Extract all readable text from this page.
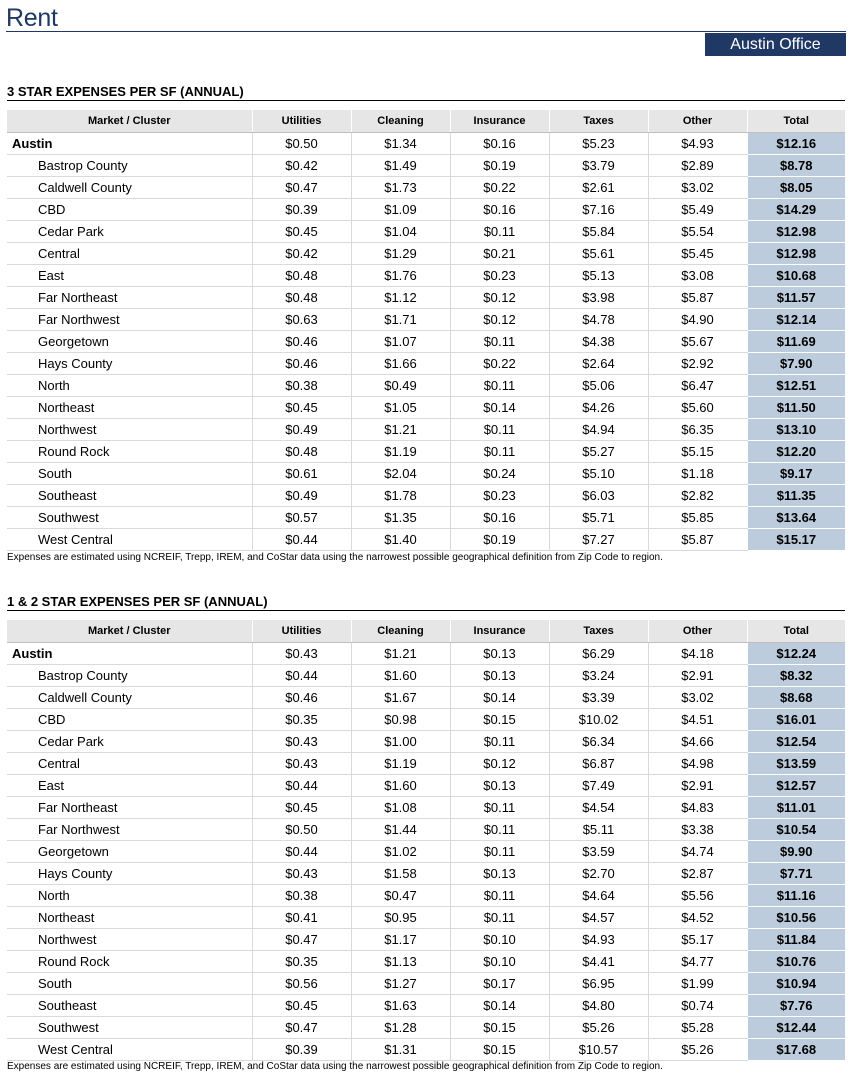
Rent
Austin Office
3 STAR EXPENSES PER SF (ANNUAL)
Market / Cluster	Utilities	Cleaning	Insurance	Taxes	Other	Total
Austin	$0.50	$1.34	$0.16	$5.23	$4.93	$12.16
Bastrop County	$0.42	$1.49	$0.19	$3.79	$2.89	$8.78
Caldwell County	$0.47	$1.73	$0.22	$2.61	$3.02	$8.05
CBD	$0.39	$1.09	$0.16	$7.16	$5.49	$14.29
Cedar Park	$0.45	$1.04	$0.11	$5.84	$5.54	$12.98
Central	$0.42	$1.29	$0.21	$5.61	$5.45	$12.98
East	$0.48	$1.76	$0.23	$5.13	$3.08	$10.68
Far Northeast	$0.48	$1.12	$0.12	$3.98	$5.87	$11.57
Far Northwest	$0.63	$1.71	$0.12	$4.78	$4.90	$12.14
Georgetown	$0.46	$1.07	$0.11	$4.38	$5.67	$11.69
Hays County	$0.46	$1.66	$0.22	$2.64	$2.92	$7.90
North	$0.38	$0.49	$0.11	$5.06	$6.47	$12.51
Northeast	$0.45	$1.05	$0.14	$4.26	$5.60	$11.50
Northwest	$0.49	$1.21	$0.11	$4.94	$6.35	$13.10
Round Rock	$0.48	$1.19	$0.11	$5.27	$5.15	$12.20
South	$0.61	$2.04	$0.24	$5.10	$1.18	$9.17
Southeast	$0.49	$1.78	$0.23	$6.03	$2.82	$11.35
Southwest	$0.57	$1.35	$0.16	$5.71	$5.85	$13.64
West Central	$0.44	$1.40	$0.19	$7.27	$5.87	$15.17
Expenses are estimated using NCREIF, Trepp, IREM, and CoStar data using the narrowest possible geographical definition from Zip Code to region.
1 & 2 STAR EXPENSES PER SF (ANNUAL)
Market / Cluster	Utilities	Cleaning	Insurance	Taxes	Other	Total
Austin	$0.43	$1.21	$0.13	$6.29	$4.18	$12.24
Bastrop County	$0.44	$1.60	$0.13	$3.24	$2.91	$8.32
Caldwell County	$0.46	$1.67	$0.14	$3.39	$3.02	$8.68
CBD	$0.35	$0.98	$0.15	$10.02	$4.51	$16.01
Cedar Park	$0.43	$1.00	$0.11	$6.34	$4.66	$12.54
Central	$0.43	$1.19	$0.12	$6.87	$4.98	$13.59
East	$0.44	$1.60	$0.13	$7.49	$2.91	$12.57
Far Northeast	$0.45	$1.08	$0.11	$4.54	$4.83	$11.01
Far Northwest	$0.50	$1.44	$0.11	$5.11	$3.38	$10.54
Georgetown	$0.44	$1.02	$0.11	$3.59	$4.74	$9.90
Hays County	$0.43	$1.58	$0.13	$2.70	$2.87	$7.71
North	$0.38	$0.47	$0.11	$4.64	$5.56	$11.16
Northeast	$0.41	$0.95	$0.11	$4.57	$4.52	$10.56
Northwest	$0.47	$1.17	$0.10	$4.93	$5.17	$11.84
Round Rock	$0.35	$1.13	$0.10	$4.41	$4.77	$10.76
South	$0.56	$1.27	$0.17	$6.95	$1.99	$10.94
Southeast	$0.45	$1.63	$0.14	$4.80	$0.74	$7.76
Southwest	$0.47	$1.28	$0.15	$5.26	$5.28	$12.44
West Central	$0.39	$1.31	$0.15	$10.57	$5.26	$17.68
Expenses are estimated using NCREIF, Trepp, IREM, and CoStar data using the narrowest possible geographical definition from Zip Code to region.
